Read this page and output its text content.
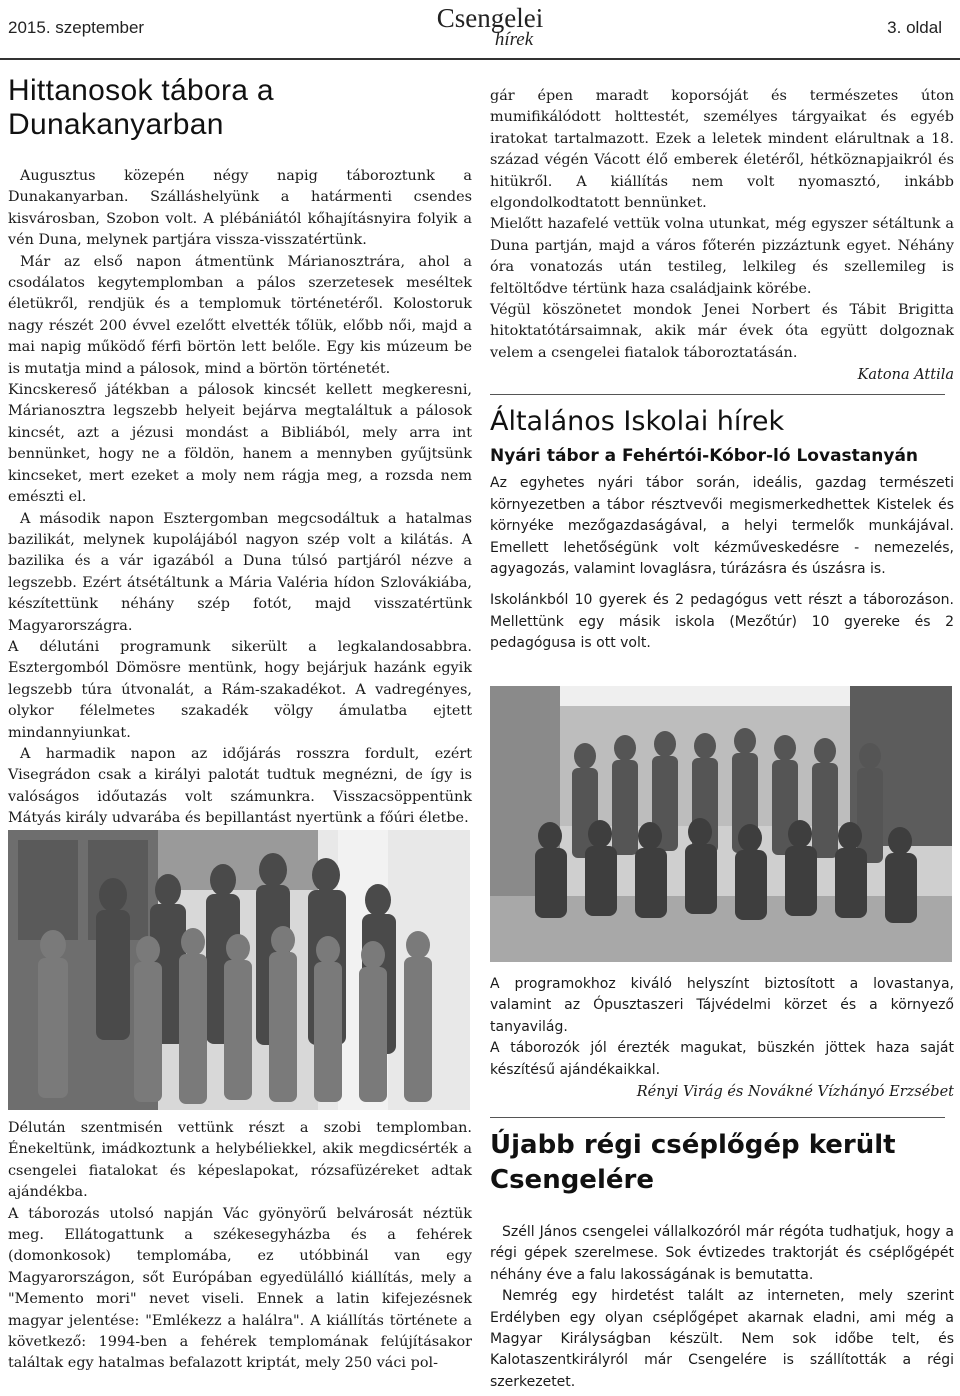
2015. szeptember	Csengelei
hírek
3. oldal
Hittanosok tábora a Dunakanyarban

Augusztus közepén négy napig táboroztunk a Dunakanyarban. Szálláshelyünk a határmenti csendes kisvárosban, Szobon volt. A plébániától kőhajításnyira folyik a vén Duna, melynek partjára vissza-visszatértünk.

Már az első napon átmentünk Márianosztrára, ahol a csodálatos kegytemplomban a pálos szerzetesek meséltek életükről, rendjük és a templomuk történetéről. Kolostoruk nagy részét 200 évvel ezelőtt elvették tőlük, előbb női, majd a mai napig működő férfi börtön lett belőle. Egy kis múzeum be is mutatja mind a pálosok, mind a börtön történetét.

Kincskereső játékban a pálosok kincsét kellett megkeresni, Márianosztra legszebb helyeit bejárva megtaláltuk a pálosok kincsét, azt a jézusi mondást a Bibliából, mely arra int bennünket, hogy ne a földön, hanem a mennyben gyűjtsünk kincseket, mert ezeket a moly nem rágja meg, a rozsda nem emészti el.

A második napon Esztergomban megcsodáltuk a hatalmas bazilikát, melynek kupolájából nagyon szép volt a kilátás. A bazilika és a vár igazából a Duna túlsó partjáról nézve a legszebb. Ezért átsétáltunk a Mária Valéria hídon Szlovákiába, készítettünk néhány szép fotót, majd visszatértünk Magyarországra.

A délutáni programunk sikerült a legkalandosabbra. Esztergomból Dömösre mentünk, hogy bejárjuk hazánk egyik legszebb túra útvonalát, a Rám-szakadékot. A vadregényes, olykor félelmetes szakadék völgy ámulatba ejtett mindannyiunkat.

A harmadik napon az időjárás rosszra fordult, ezért Visegrádon csak a királyi palotát tudtuk megnézni, de így is valóságos időutazás volt számunkra. Visszacsöppentünk Mátyás király udvarába és bepillantást nyertünk a főúri életbe.

Délután szentmisén vettünk részt a szobi templomban. Énekeltünk, imádkoztunk a helybéliekkel, akik megdicsérték a csengelei fiatalokat és képeslapokat, rózsafüzéreket adtak ajándékba.

A táborozás utolsó napján Vác gyönyörű belvárosát néztük meg. Ellátogattunk a székesegyházba és a fehérek (domonkosok) templomába, ez utóbbinál van egy Magyarországon, sőt Európában egyedülálló kiállítás, mely a "Memento mori" nevet viseli. Ennek a latin kifejezésnek magyar jelentése: "Emlékezz a halálra". A kiállítás története a következő: 1994-ben a fehérek templomának felújításakor találtak egy hatalmas befalazott kriptát, mely 250 váci pol-

gár épen maradt koporsóját és természetes úton mumifikálódott holttestét, személyes tárgyaikat és egyéb iratokat tartalmazott. Ezek a leletek mindent elárultnak a 18. század végén Vácott élő emberek életéről, hétköznapjaikról és hitükről. A kiállítás nem volt nyomasztó, inkább elgondolkodtatott bennünket.

Mielőtt hazafelé vettük volna utunkat, még egyszer sétáltunk a Duna partján, majd a város főterén pizzáztunk egyet. Néhány óra vonatozás után testileg, lelkileg és szellemileg is feltöltődve tértünk haza családjaink körébe.

Végül köszönetet mondok Jenei Norbert és Tábit Brigitta hitoktatótársaimnak, akik már évek óta együtt dolgoznak velem a csengelei fiatalok táboroztatásán.

Katona Attila
Általános Iskolai hírek
Nyári tábor a Fehértói-Kóbor-ló Lovastanyán

Az egyhetes nyári tábor során, ideális, gazdag természeti környezetben a tábor résztvevői megismerkedhettek Kistelek és környéke mezőgazdaságával, a helyi termelők munkájával. Emellett lehetőségünk volt kézműveskedésre - nemezelés, agyagozás, valamint lovaglásra, túrázásra és úszásra is.

Iskolánkból 10 gyerek és 2 pedagógus vett részt a táborozáson. Mellettünk egy másik iskola (Mezőtúr) 10 gyereke és 2 pedagógusa is ott volt.

A programokhoz kiváló helyszínt biztosított a lovastanya, valamint az Ópusztaszeri Tájvédelmi körzet és a környező tanyavilág.

A táborozók jól érezték magukat, büszkén jöttek haza saját készítésű ajándékaikkal.

Rényi Virág és Novákné Vízhányó Erzsébet
Újabb régi cséplőgép került Csengelére

Széll János csengelei vállalkozóról már régóta tudhatjuk, hogy a régi gépek szerelmese. Sok évtizedes traktorját és cséplőgépét néhány éve a falu lakosságának is bemutatta.

Nemrég egy hirdetést talált az interneten, mely szerint Erdélyben egy olyan cséplőgépet akarnak eladni, ami még a Magyar Királyságban készült. Nem sok időbe telt, és Kalotaszentkirályról már Csengelére is szállították a régi szerkezetet.
